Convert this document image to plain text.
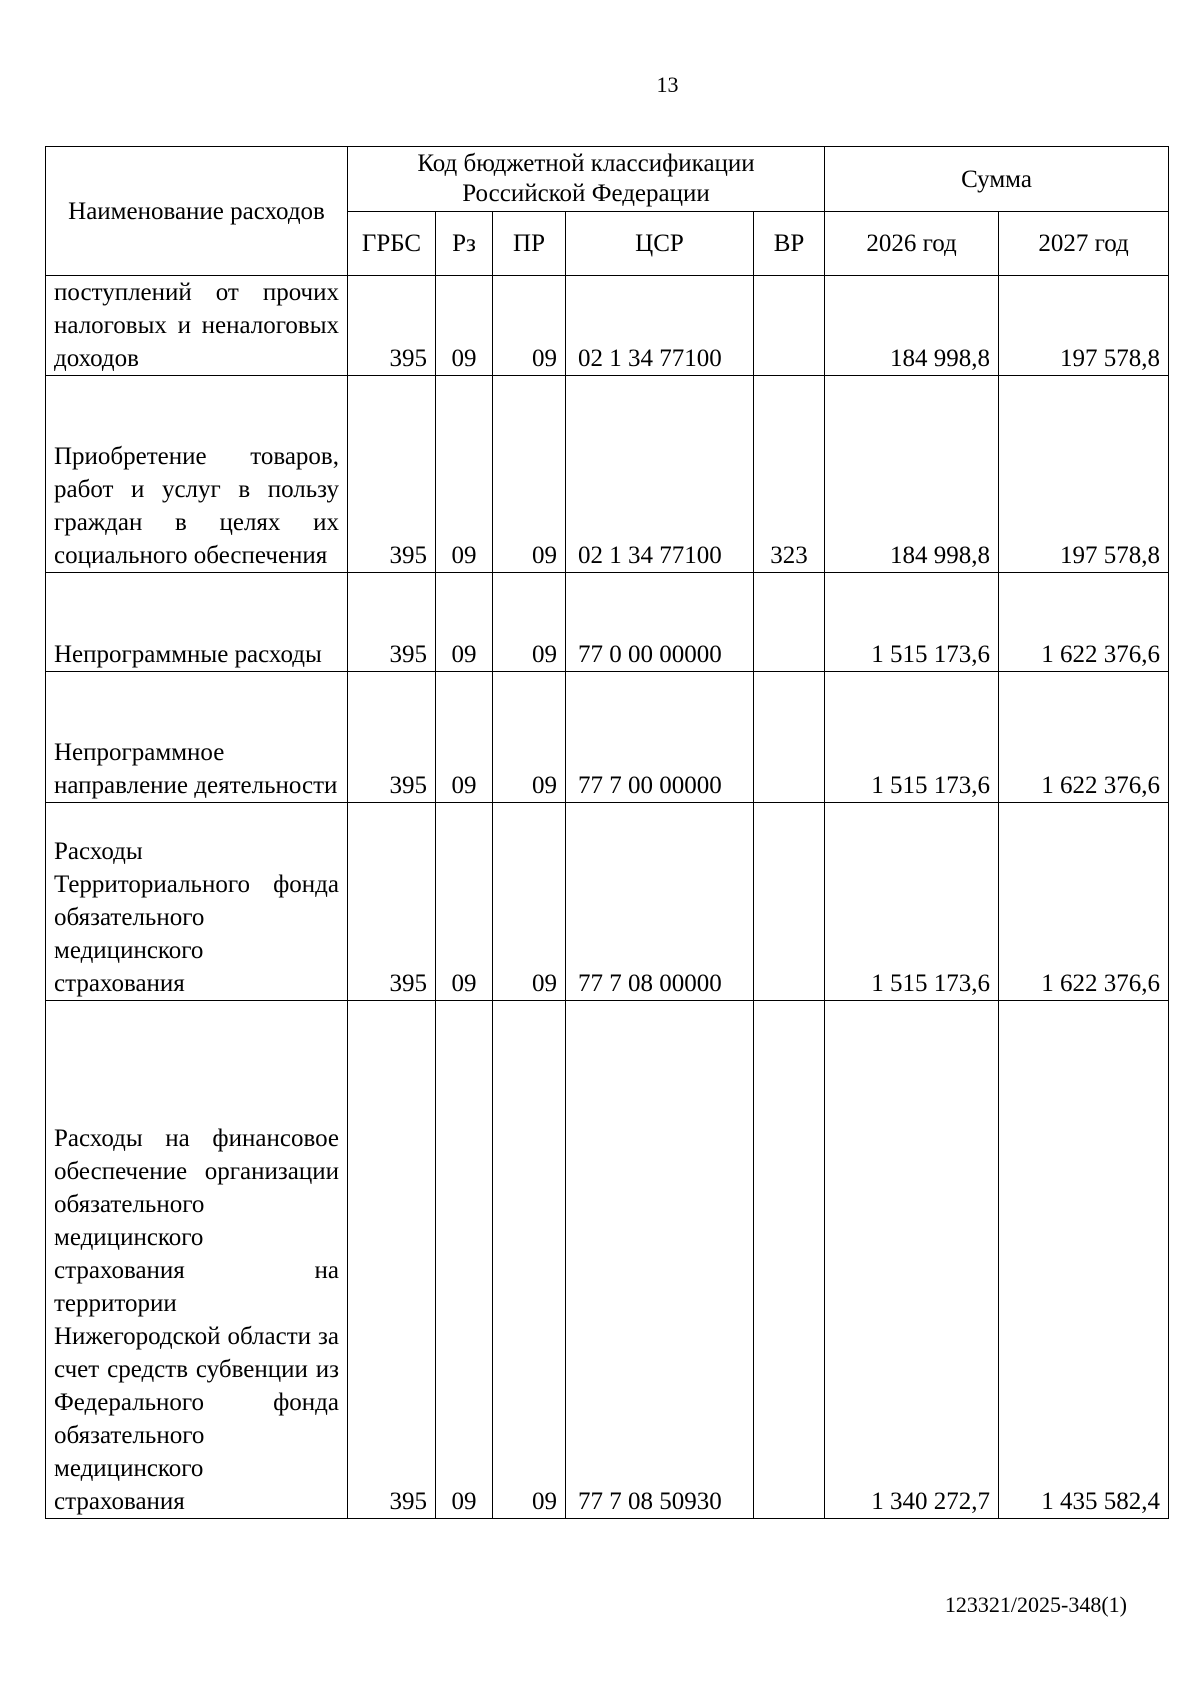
13
Наименование расходов	Код бюджетной классификации Российской Федерации					Сумма	
	ГРБС	Рз	ПР	ЦСР	ВР	2026 год	2027 год
поступлений от прочих налоговых и неналоговых доходов	395	09	09	02 1 34 77100		184 998,8	197 578,8
Приобретение товаров, работ и услуг в пользу граждан в целях их социального обеспечения	395	09	09	02 1 34 77100	323	184 998,8	197 578,8
Непрограммные расходы	395	09	09	77 0 00 00000		1 515 173,6	1 622 376,6
Непрограммное направление деятельности	395	09	09	77 7 00 00000		1 515 173,6	1 622 376,6
Расходы Территориального фонда обязательного медицинского страхования	395	09	09	77 7 08 00000		1 515 173,6	1 622 376,6
Расходы на финансовое обеспечение организации обязательного медицинского страхования на территории Нижегородской области за счет средств субвенции из Федерального фонда обязательного медицинского страхования	395	09	09	77 7 08 50930		1 340 272,7	1 435 582,4
123321/2025-348(1)
